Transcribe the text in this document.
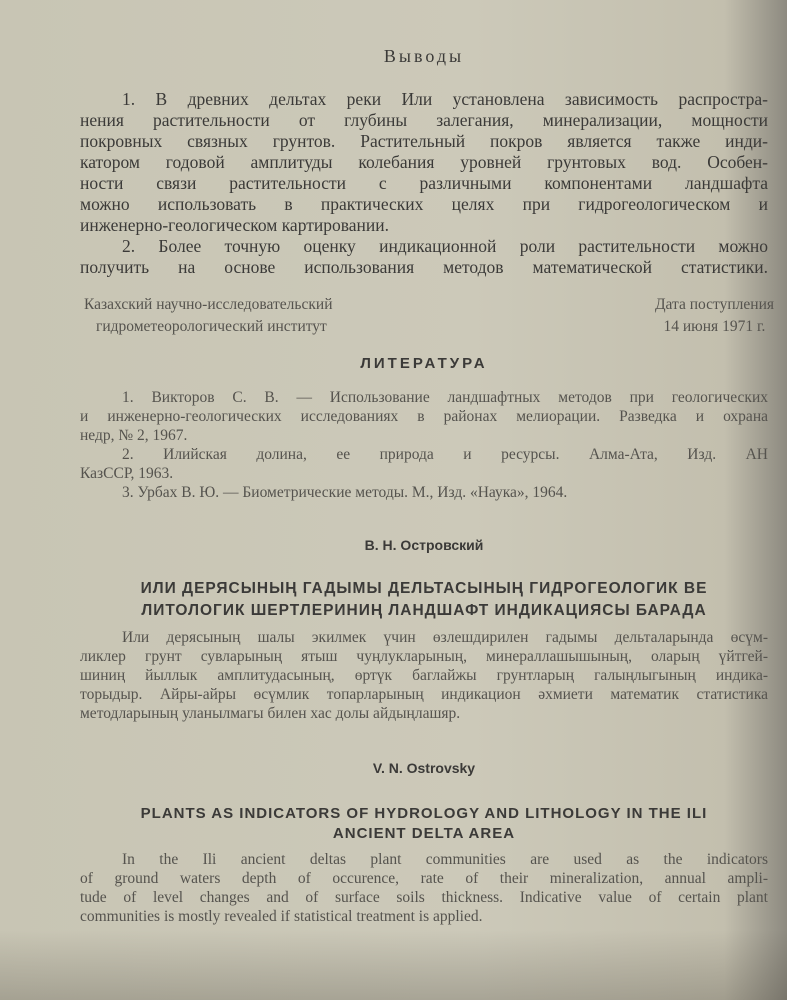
Выводы
1. В древних дельтах реки Или установлена зависимость распростра-
нения растительности от глубины залегания, минерализации, мощности
покровных связных грунтов. Растительный покров является также инди-
катором годовой амплитуды колебания уровней грунтовых вод. Особен-
ности связи растительности с различными компонентами ландшафта
можно использовать в практических целях при гидрогеологическом и
инженерно-геологическом картировании.
2. Более точную оценку индикационной роли растительности можно
получить на основе использования методов математической статистики.
Казахский научно-исследовательский
гидрометеорологический институт
Дата поступления
14 июня 1971 г.
ЛИТЕРАТУРА
1. Викторов С. В. — Использование ландшафтных методов при геологических
и инженерно-геологических исследованиях в районах мелиорации. Разведка и охрана
недр, № 2, 1967.
2. Илийская долина, ее природа и ресурсы. Алма-Ата, Изд. АН
КазССР, 1963.
3. Урбах В. Ю. — Биометрические методы. М., Изд. «Наука», 1964.
В. Н. Островский
ИЛИ ДЕРЯСЫНЫҢ ГАДЫМЫ ДЕЛЬТАСЫНЫҢ ГИДРОГЕОЛОГИК ВЕ
ЛИТОЛОГИК ШЕРТЛЕРИНИҢ ЛАНДШАФТ ИНДИКАЦИЯСЫ БАРАДА
Или дерясының шалы экилмек үчин өзлешдирилен гадымы дельталарында өсүм-
ликлер грунт сувларының ятыш чуңлукларының, минераллашышының, оларың үйтгей-
шиниң йыллык амплитудасының, өртүк баглайжы грунтларың галыңлыгының индика-
торыдыр. Айры-айры өсүмлик топарларының индикацион әхмиети математик статистика
методларының уланылмагы билен хас долы айдыңлашяр.
V. N. Ostrovsky
PLANTS AS INDICATORS OF HYDROLOGY AND LITHOLOGY IN THE ILI
ANCIENT DELTA AREA
In the Ili ancient deltas plant communities are used as the indicators
of ground waters depth of occurence, rate of their mineralization, annual ampli-
tude of level changes and of surface soils thickness. Indicative value of certain plant
communities is mostly revealed if statistical treatment is applied.
